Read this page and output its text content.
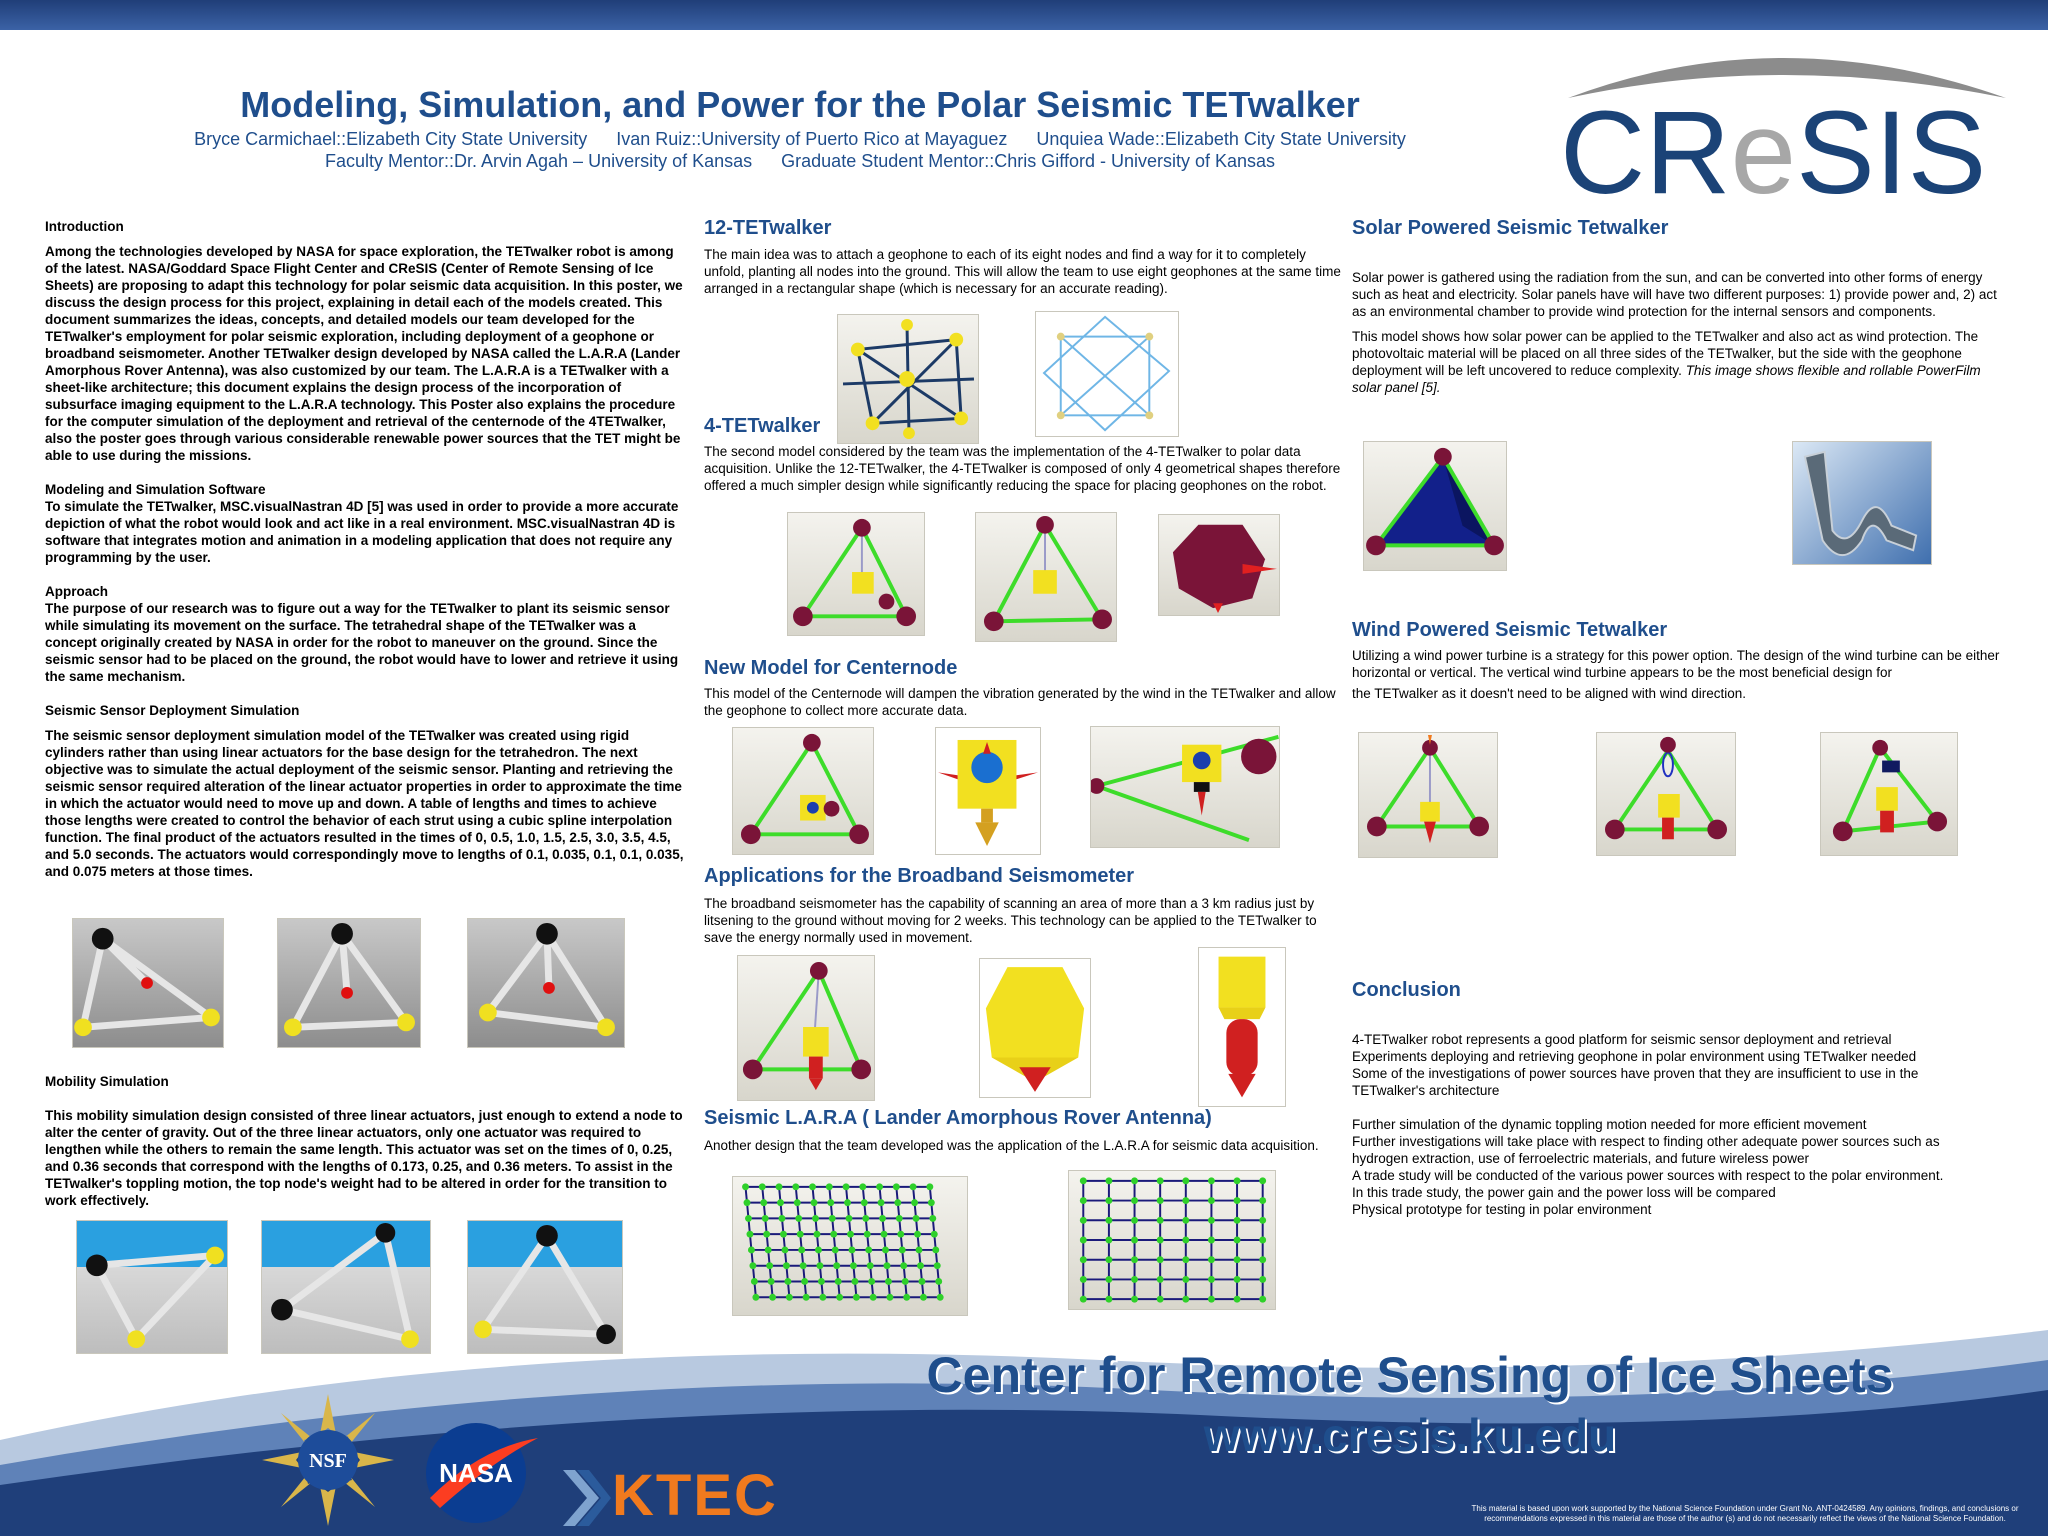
Modeling, Simulation, and Power for the Polar Seismic TETwalker
Bryce Carmichael::Elizabeth City State University Ivan Ruiz::University of Puerto Rico at Mayaguez Unquiea Wade::Elizabeth City State University
Faculty Mentor::Dr. Arvin Agah – University of Kansas Graduate Student Mentor::Chris Gifford - University of Kansas	CReSIS

Introduction

Among the technologies developed by NASA for space exploration, the TETwalker robot is among of the latest. NASA/Goddard Space Flight Center and CReSIS (Center of Remote Sensing of Ice Sheets) are proposing to adapt this technology for polar seismic data acquisition. In this poster, we discuss the design process for this project, explaining in detail each of the models created. This document summarizes the ideas, concepts, and detailed models our team developed for the TETwalker's employment for polar seismic exploration, including deployment of a geophone or broadband seismometer. Another TETwalker design developed by NASA called the L.A.R.A (Lander Amorphous Rover Antenna), was also customized by our team. The L.A.R.A is a TETwalker with a sheet-like architecture; this document explains the design process of the incorporation of subsurface imaging equipment to the L.A.R.A technology. This Poster also explains the procedure for the computer simulation of the deployment and retrieval of the centernode of the 4TETwalker, also the poster goes through various considerable renewable power sources that the TET might be able to use during the missions.

Modeling and Simulation Software

To simulate the TETwalker, MSC.visualNastran 4D [5] was used in order to provide a more accurate depiction of what the robot would look and act like in a real environment. MSC.visualNastran 4D is software that integrates motion and animation in a modeling application that does not require any programming by the user.

Approach

The purpose of our research was to figure out a way for the TETwalker to plant its seismic sensor while simulating its movement on the surface. The tetrahedral shape of the TETwalker was a concept originally created by NASA in order for the robot to maneuver on the ground. Since the seismic sensor had to be placed on the ground, the robot would have to lower and retrieve it using the same mechanism.

Seismic Sensor Deployment Simulation

The seismic sensor deployment simulation model of the TETwalker was created using rigid cylinders rather than using linear actuators for the base design for the tetrahedron. The next objective was to simulate the actual deployment of the seismic sensor. Planting and retrieving the seismic sensor required alteration of the linear actuator properties in order to approximate the time in which the actuator would need to move up and down. A table of lengths and times to achieve those lengths were created to control the behavior of each strut using a cubic spline interpolation function. The final product of the actuators resulted in the times of 0, 0.5, 1.0, 1.5, 2.5, 3.0, 3.5, 4.5, and 5.0 seconds. The actuators would correspondingly move to lengths of 0.1, 0.035, 0.1, 0.1, 0.035, and 0.075 meters at those times.

Mobility Simulation

This mobility simulation design consisted of three linear actuators, just enough to extend a node to alter the center of gravity. Out of the three linear actuators, only one actuator was required to lengthen while the others to remain the same length. This actuator was set on the times of 0, 0.25, and 0.36 seconds that correspond with the lengths of 0.173, 0.25, and 0.36 meters. To assist in the TETwalker's toppling motion, the top node's weight had to be altered in order for the transition to work effectively.

12-TETwalker

The main idea was to attach a geophone to each of its eight nodes and find a way for it to completely unfold, planting all nodes into the ground. This will allow the team to use eight geophones at the same time arranged in a rectangular shape (which is necessary for an accurate reading).

4-TETwalker

The second model considered by the team was the implementation of the 4-TETwalker to polar data acquisition. Unlike the 12-TETwalker, the 4-TETwalker is composed of only 4 geometrical shapes therefore offered a much simpler design while significantly reducing the space for placing geophones on the robot.

New Model for Centernode

This model of the Centernode will dampen the vibration generated by the wind in the TETwalker and allow the geophone to collect more accurate data.

Applications for the Broadband Seismometer

The broadband seismometer has the capability of scanning an area of more than a 3 km radius just by litsening to the ground without moving for 2 weeks. This technology can be applied to the TETwalker to save the energy normally used in movement.

Seismic L.A.R.A ( Lander Amorphous Rover Antenna)

Another design that the team developed was the application of the L.A.R.A for seismic data acquisition.

Solar Powered Seismic Tetwalker

Solar power is gathered using the radiation from the sun, and can be converted into other forms of energy such as heat and electricity. Solar panels have will have two different purposes: 1) provide power and, 2) act as an environmental chamber to provide wind protection for the internal sensors and components.

This model shows how solar power can be applied to the TETwalker and also act as wind protection. The photovoltaic material will be placed on all three sides of the TETwalker, but the side with the geophone deployment will be left uncovered to reduce complexity. This image shows flexible and rollable PowerFilm solar panel [5].

Wind Powered Seismic Tetwalker

Utilizing a wind power turbine is a strategy for this power option. The design of the wind turbine can be either horizontal or vertical. The vertical wind turbine appears to be the most beneficial design for

the TETwalker as it doesn't need to be aligned with wind direction.

Conclusion

4-TETwalker robot represents a good platform for seismic sensor deployment and retrieval

Experiments deploying and retrieving geophone in polar environment using TETwalker needed

Some of the investigations of power sources have proven that they are insufficient to use in the

TETwalker's architecture

Further simulation of the dynamic toppling motion needed for more efficient movement

Further investigations will take place with respect to finding other adequate power sources such as

hydrogen extraction, use of ferroelectric materials, and future wireless power

A trade study will be conducted of the various power sources with respect to the polar environment.

In this trade study, the power gain and the power loss will be compared

Physical prototype for testing in polar environment

Center for Remote Sensing of Ice Sheets
www.cresis.ku.edu
NSF	NASA KTEC	This material is based upon work supported by the National Science Foundation under Grant No. ANT-0424589. Any opinions, findings, and conclusions or
recommendations expressed in this material are those of the author (s) and do not necessarily reflect the views of the National Science Foundation.
